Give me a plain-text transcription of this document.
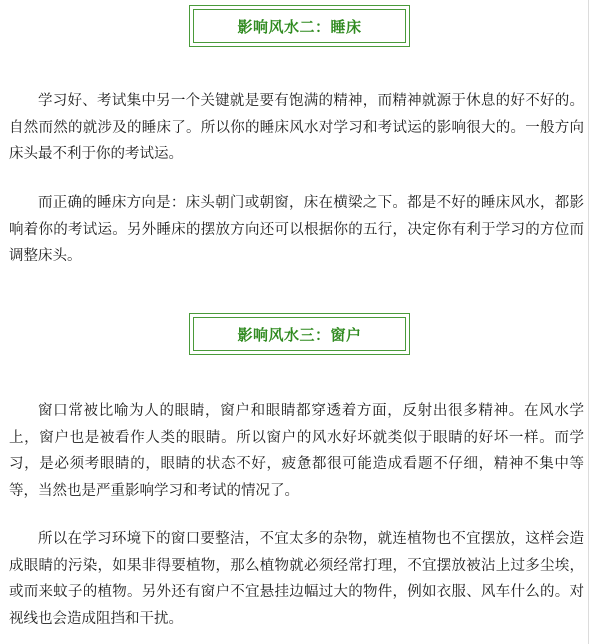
影响风水二：睡床

学习好、考试集中另一个关键就是要有饱满的精神，而精神就源于休息的好不好的。自然而然的就涉及的睡床了。所以你的睡床风水对学习和考试运的影响很大的。一般方向床头最不利于你的考试运。

而正确的睡床方向是：床头朝门或朝窗，床在横梁之下。都是不好的睡床风水，都影响着你的考试运。另外睡床的摆放方向还可以根据你的五行，决定你有利于学习的方位而调整床头。

影响风水三：窗户

窗口常被比喻为人的眼睛，窗户和眼睛都穿透着方面，反射出很多精神。在风水学上，窗户也是被看作人类的眼睛。所以窗户的风水好坏就类似于眼睛的好坏一样。而学习，是必须考眼睛的，眼睛的状态不好，疲惫都很可能造成看题不仔细，精神不集中等等，当然也是严重影响学习和考试的情况了。

所以在学习环境下的窗口要整洁，不宜太多的杂物，就连植物也不宜摆放，这样会造成眼睛的污染，如果非得要植物，那么植物就必须经常打理，不宜摆放被沾上过多尘埃，或而来蚊子的植物。另外还有窗户不宜悬挂边幅过大的物件，例如衣服、风车什么的。对视线也会造成阻挡和干扰。
